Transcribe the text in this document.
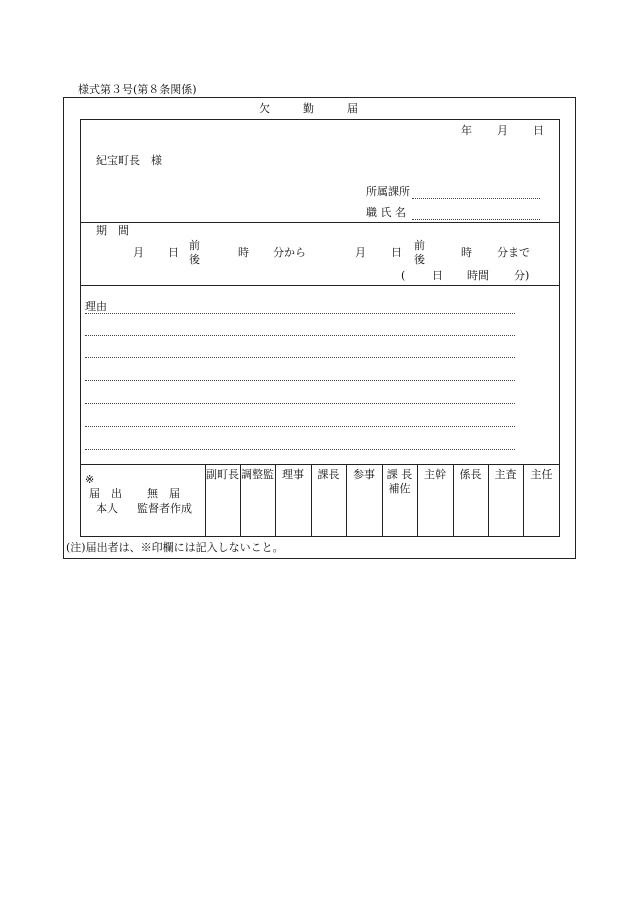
様式第３号(第８条関係)
欠　　　勤　　　届
年 月 日
紀宝町長　様
所属課所
職 氏 名
期　間
月 日
前
後
時 分から	月 日
前
後
時 分まで
( 日 時間 分)
理由
※
届　出 無　届
本人 監督者作成
副町長 調整監 理事	課長	参事	課 長
補佐
主幹	係長	主査	主任
(注)届出者は、※印欄には記入しないこと。
